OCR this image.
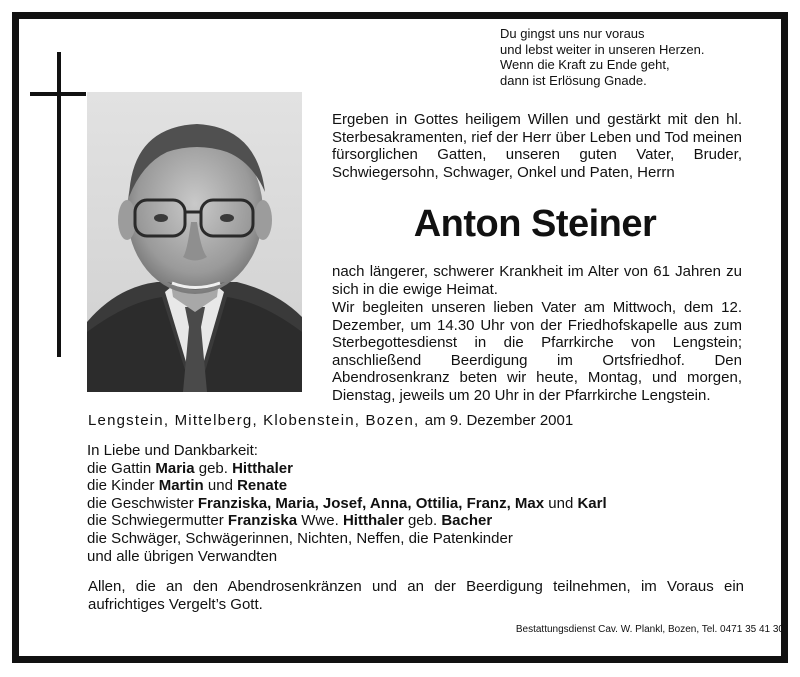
Du gingst uns nur voraus
und lebst weiter in unseren Herzen.
Wenn die Kraft zu Ende geht,
dann ist Erlösung Gnade.
Ergeben in Gottes heiligem Willen und gestärkt mit den hl. Sterbesakramenten, rief der Herr über Leben und Tod meinen fürsorglichen Gatten, unseren guten Vater, Bruder, Schwiegersohn, Schwager, Onkel und Paten, Herrn
Anton Steiner
nach längerer, schwerer Krankheit im Alter von 61 Jahren zu sich in die ewige Heimat.
Wir begleiten unseren lieben Vater am Mittwoch, dem 12. Dezember, um 14.30 Uhr von der Friedhofskapelle aus zum Sterbegottesdienst in die Pfarrkirche von Lengstein; anschließend Beerdigung im Ortsfriedhof. Den Abendrosenkranz beten wir heute, Montag, und morgen, Dienstag, jeweils um 20 Uhr in der Pfarrkirche Lengstein.
Lengstein, Mittelberg, Klobenstein, Bozen, am 9. Dezember 2001
In Liebe und Dankbarkeit:
die Gattin Maria geb. Hitthaler
die Kinder Martin und Renate
die Geschwister Franziska, Maria, Josef, Anna, Ottilia, Franz, Max und Karl
die Schwiegermutter Franziska Wwe. Hitthaler geb. Bacher
die Schwäger, Schwägerinnen, Nichten, Neffen, die Patenkinder
und alle übrigen Verwandten
Allen, die an den Abendrosenkränzen und an der Beerdigung teilnehmen, im Voraus ein aufrichtiges Vergelt’s Gott.
Bestattungsdienst Cav. W. Plankl, Bozen, Tel. 0471 35 41 30
